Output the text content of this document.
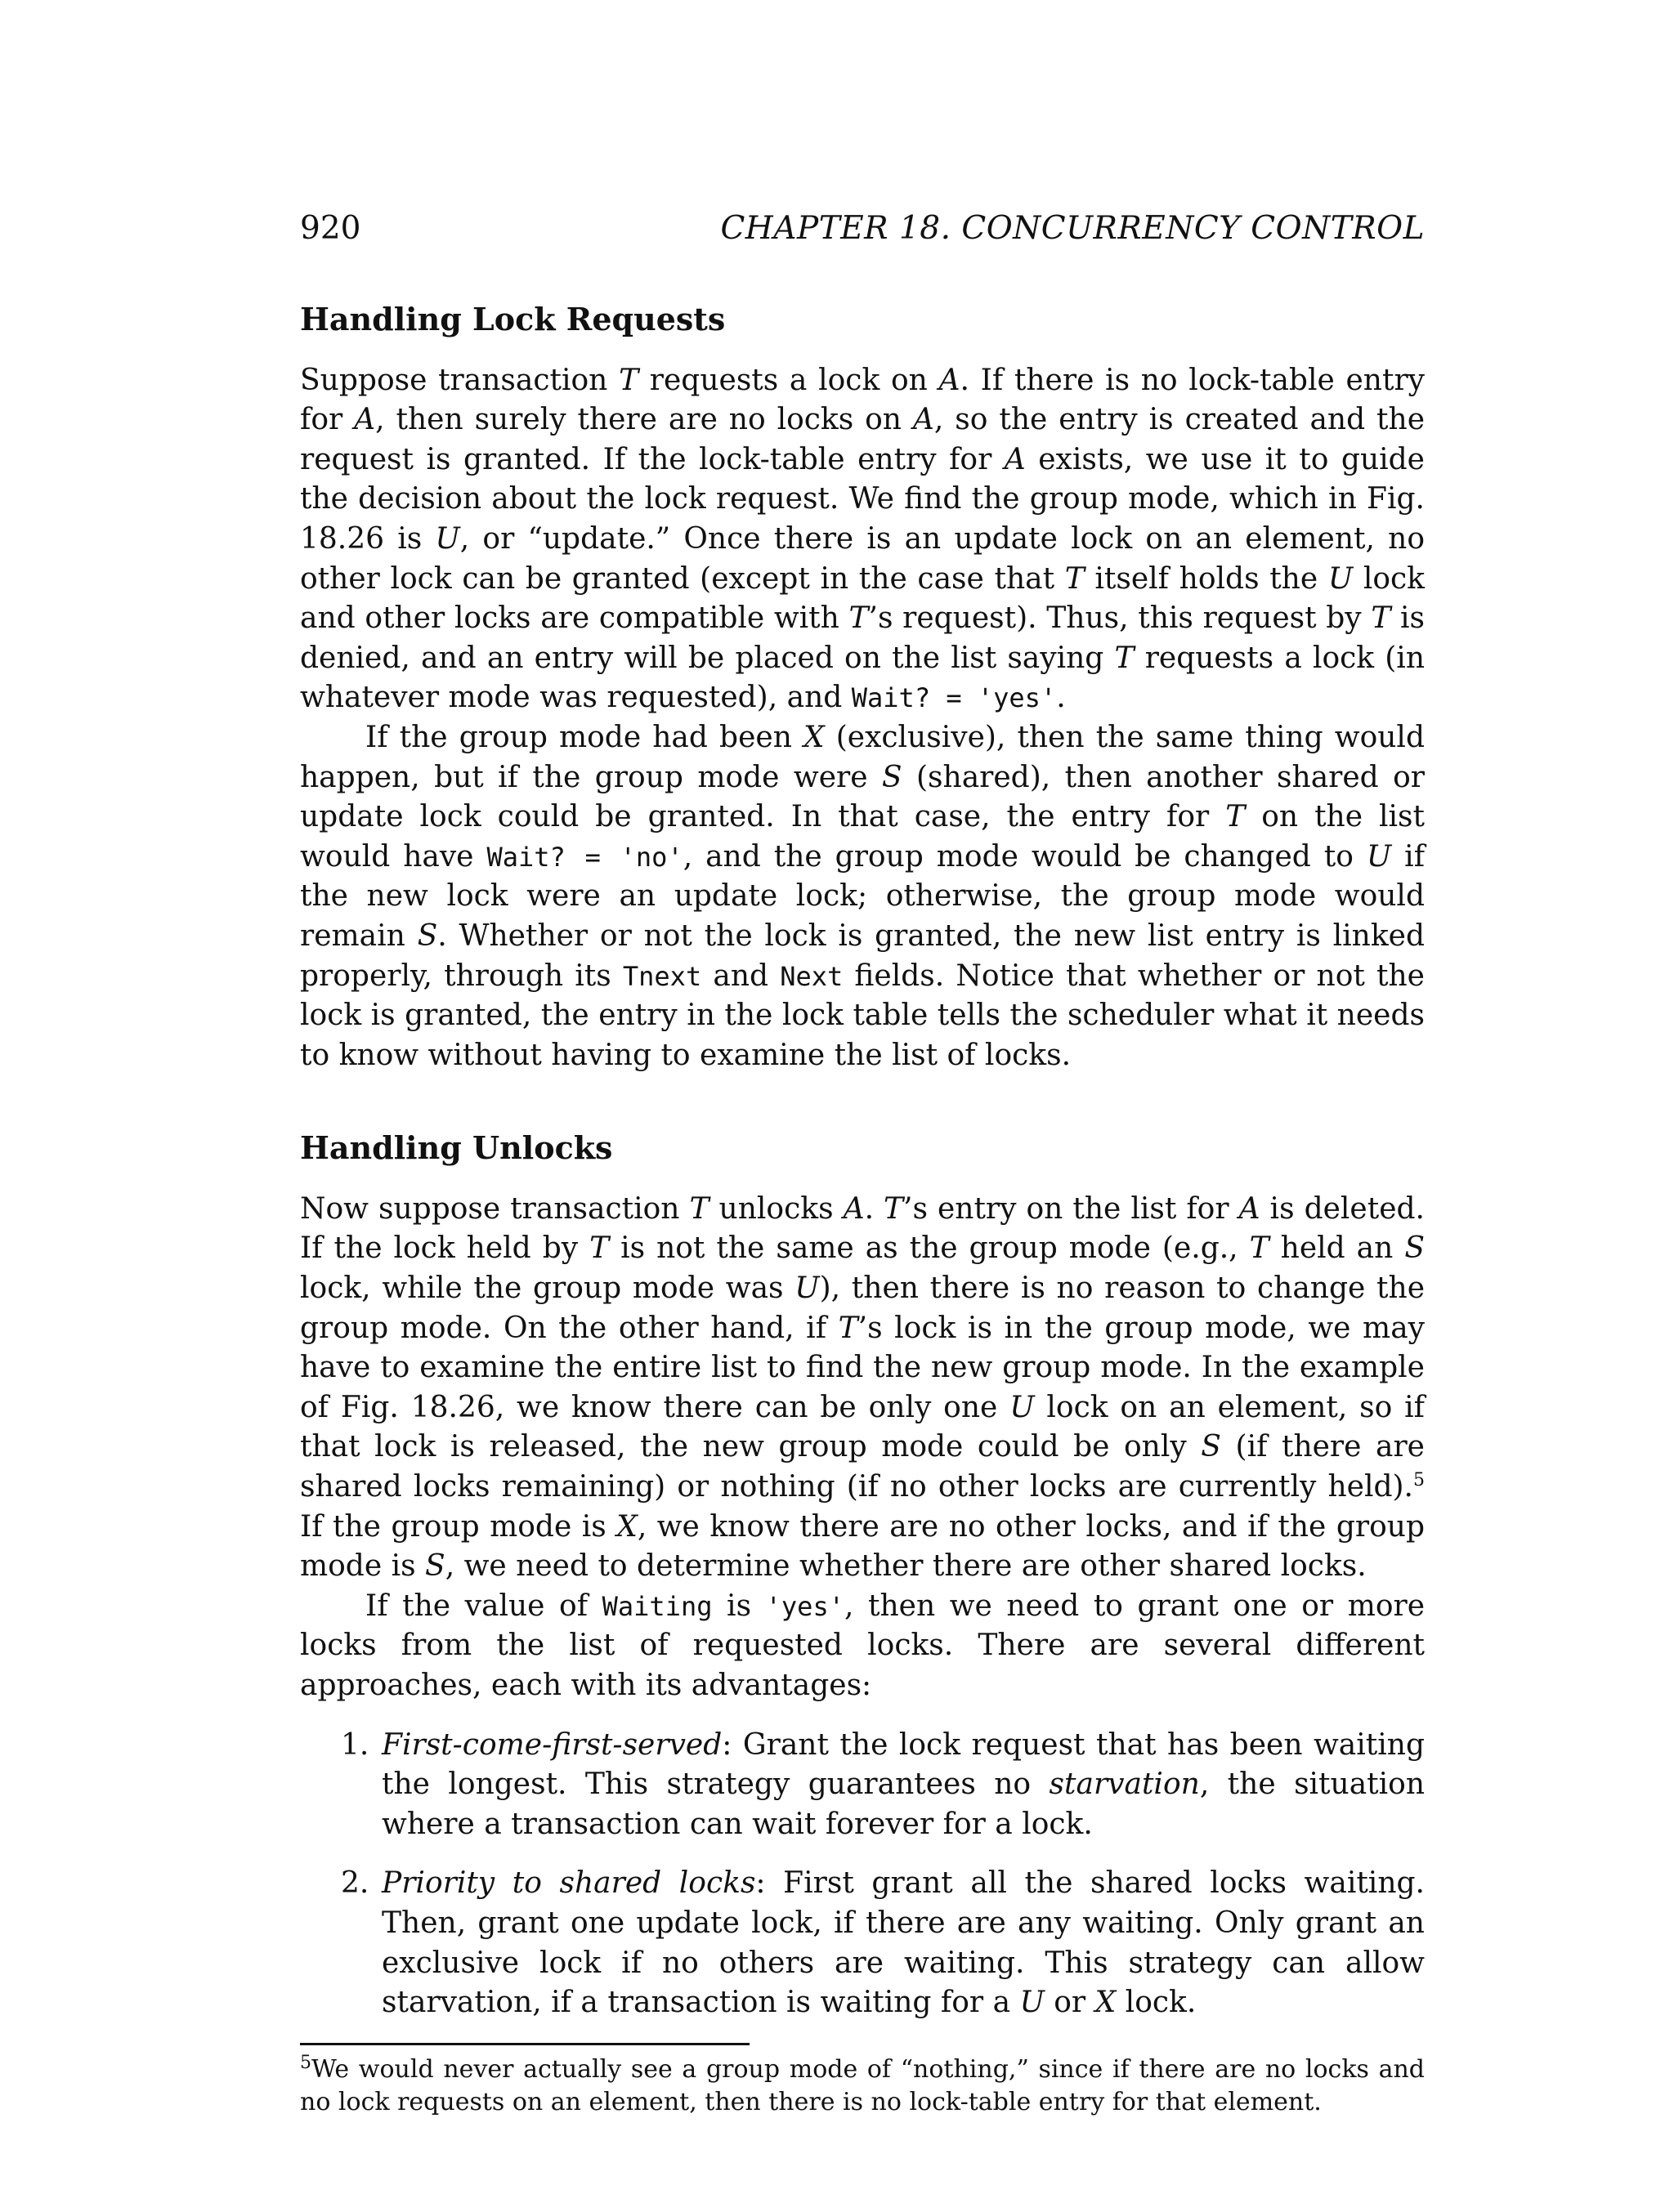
920	CHAPTER 18. CONCURRENCY CONTROL
Handling Lock Requests

Suppose transaction T requests a lock on A. If there is no lock-table entry for A, then surely there are no locks on A, so the entry is created and the request is granted. If the lock-table entry for A exists, we use it to guide the decision about the lock request. We find the group mode, which in Fig. 18.26 is U, or “update.” Once there is an update lock on an element, no other lock can be granted (except in the case that T itself holds the U lock and other locks are compatible with T’s request). Thus, this request by T is denied, and an entry will be placed on the list saying T requests a lock (in whatever mode was requested), and Wait? = 'yes'.

If the group mode had been X (exclusive), then the same thing would happen, but if the group mode were S (shared), then another shared or update lock could be granted. In that case, the entry for T on the list would have Wait? = 'no', and the group mode would be changed to U if the new lock were an update lock; otherwise, the group mode would remain S. Whether or not the lock is granted, the new list entry is linked properly, through its Tnext and Next fields. Notice that whether or not the lock is granted, the entry in the lock table tells the scheduler what it needs to know without having to examine the list of locks.

Handling Unlocks

Now suppose transaction T unlocks A. T’s entry on the list for A is deleted. If the lock held by T is not the same as the group mode (e.g., T held an S lock, while the group mode was U), then there is no reason to change the group mode. On the other hand, if T’s lock is in the group mode, we may have to examine the entire list to find the new group mode. In the example of Fig. 18.26, we know there can be only one U lock on an element, so if that lock is released, the new group mode could be only S (if there are shared locks remaining) or nothing (if no other locks are currently held).$^5$ If the group mode is X, we know there are no other locks, and if the group mode is S, we need to determine whether there are other shared locks.

If the value of Waiting is 'yes', then we need to grant one or more locks from the list of requested locks. There are several different approaches, each with its advantages:

1. First-come-first-served: Grant the lock request that has been waiting the longest. This strategy guarantees no starvation, the situation where a transaction can wait forever for a lock.
2. Priority to shared locks: First grant all the shared locks waiting. Then, grant one update lock, if there are any waiting. Only grant an exclusive lock if no others are waiting. This strategy can allow starvation, if a transaction is waiting for a U or X lock.
$^5$We would never actually see a group mode of “nothing,” since if there are no locks and no lock requests on an element, then there is no lock-table entry for that element.
